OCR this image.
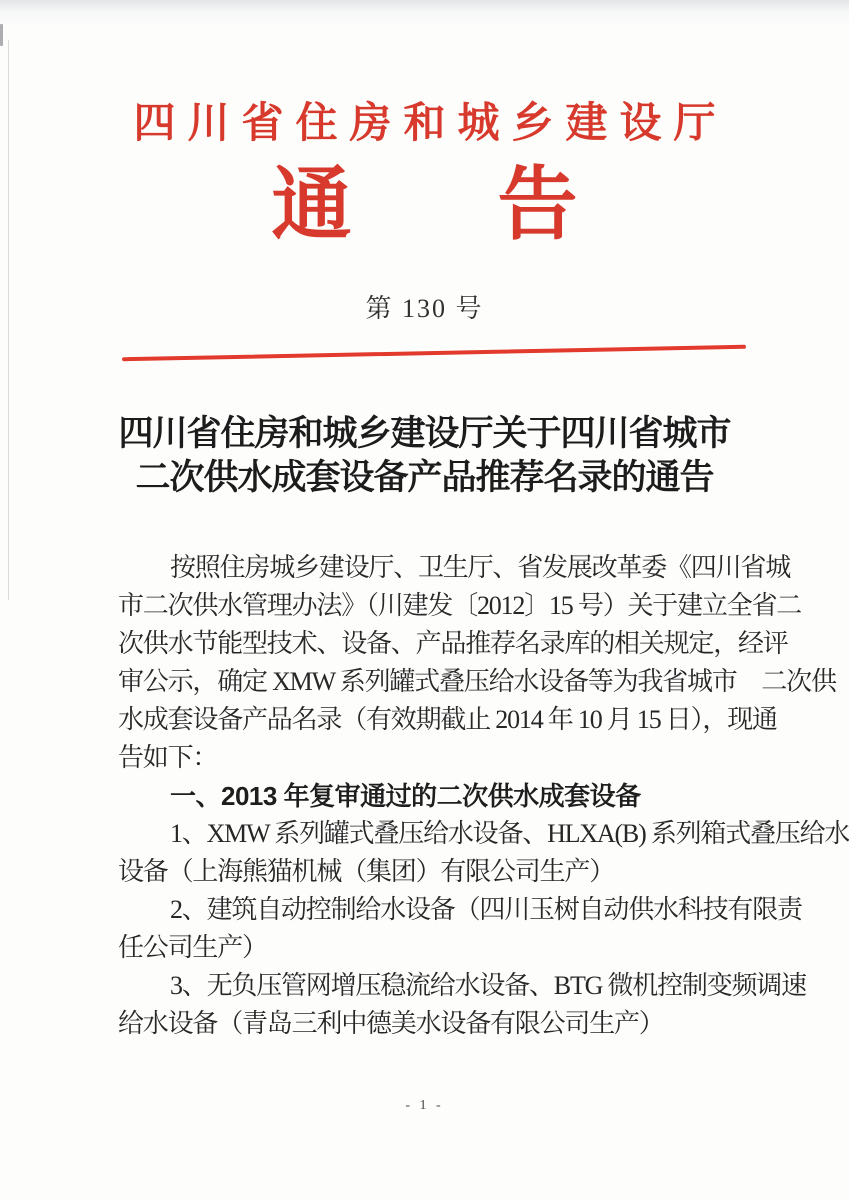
四川省住房和城乡建设厅
通 告
第 130 号
四川省住房和城乡建设厅关于四川省城市
二次供水成套设备产品推荐名录的通告
按照住房城乡建设厅、卫生厅、省发展改革委《四川省城
市二次供水管理办法》（川建发〔2012〕15 号）关于建立全省二
次供水节能型技术、设备、产品推荐名录库的相关规定，经评
审公示，确定 XMW 系列罐式叠压给水设备等为我省城市　二次供
水成套设备产品名录（有效期截止 2014 年 10 月 15 日），现通
告如下：
一、2013 年复审通过的二次供水成套设备
1、XMW 系列罐式叠压给水设备、HLXA(B) 系列箱式叠压给水
设备（上海熊猫机械（集团）有限公司生产）
2、建筑自动控制给水设备（四川玉树自动供水科技有限责
任公司生产）
3、无负压管网增压稳流给水设备、BTG 微机控制变频调速
给水设备（青岛三利中德美水设备有限公司生产）
- 1 -
